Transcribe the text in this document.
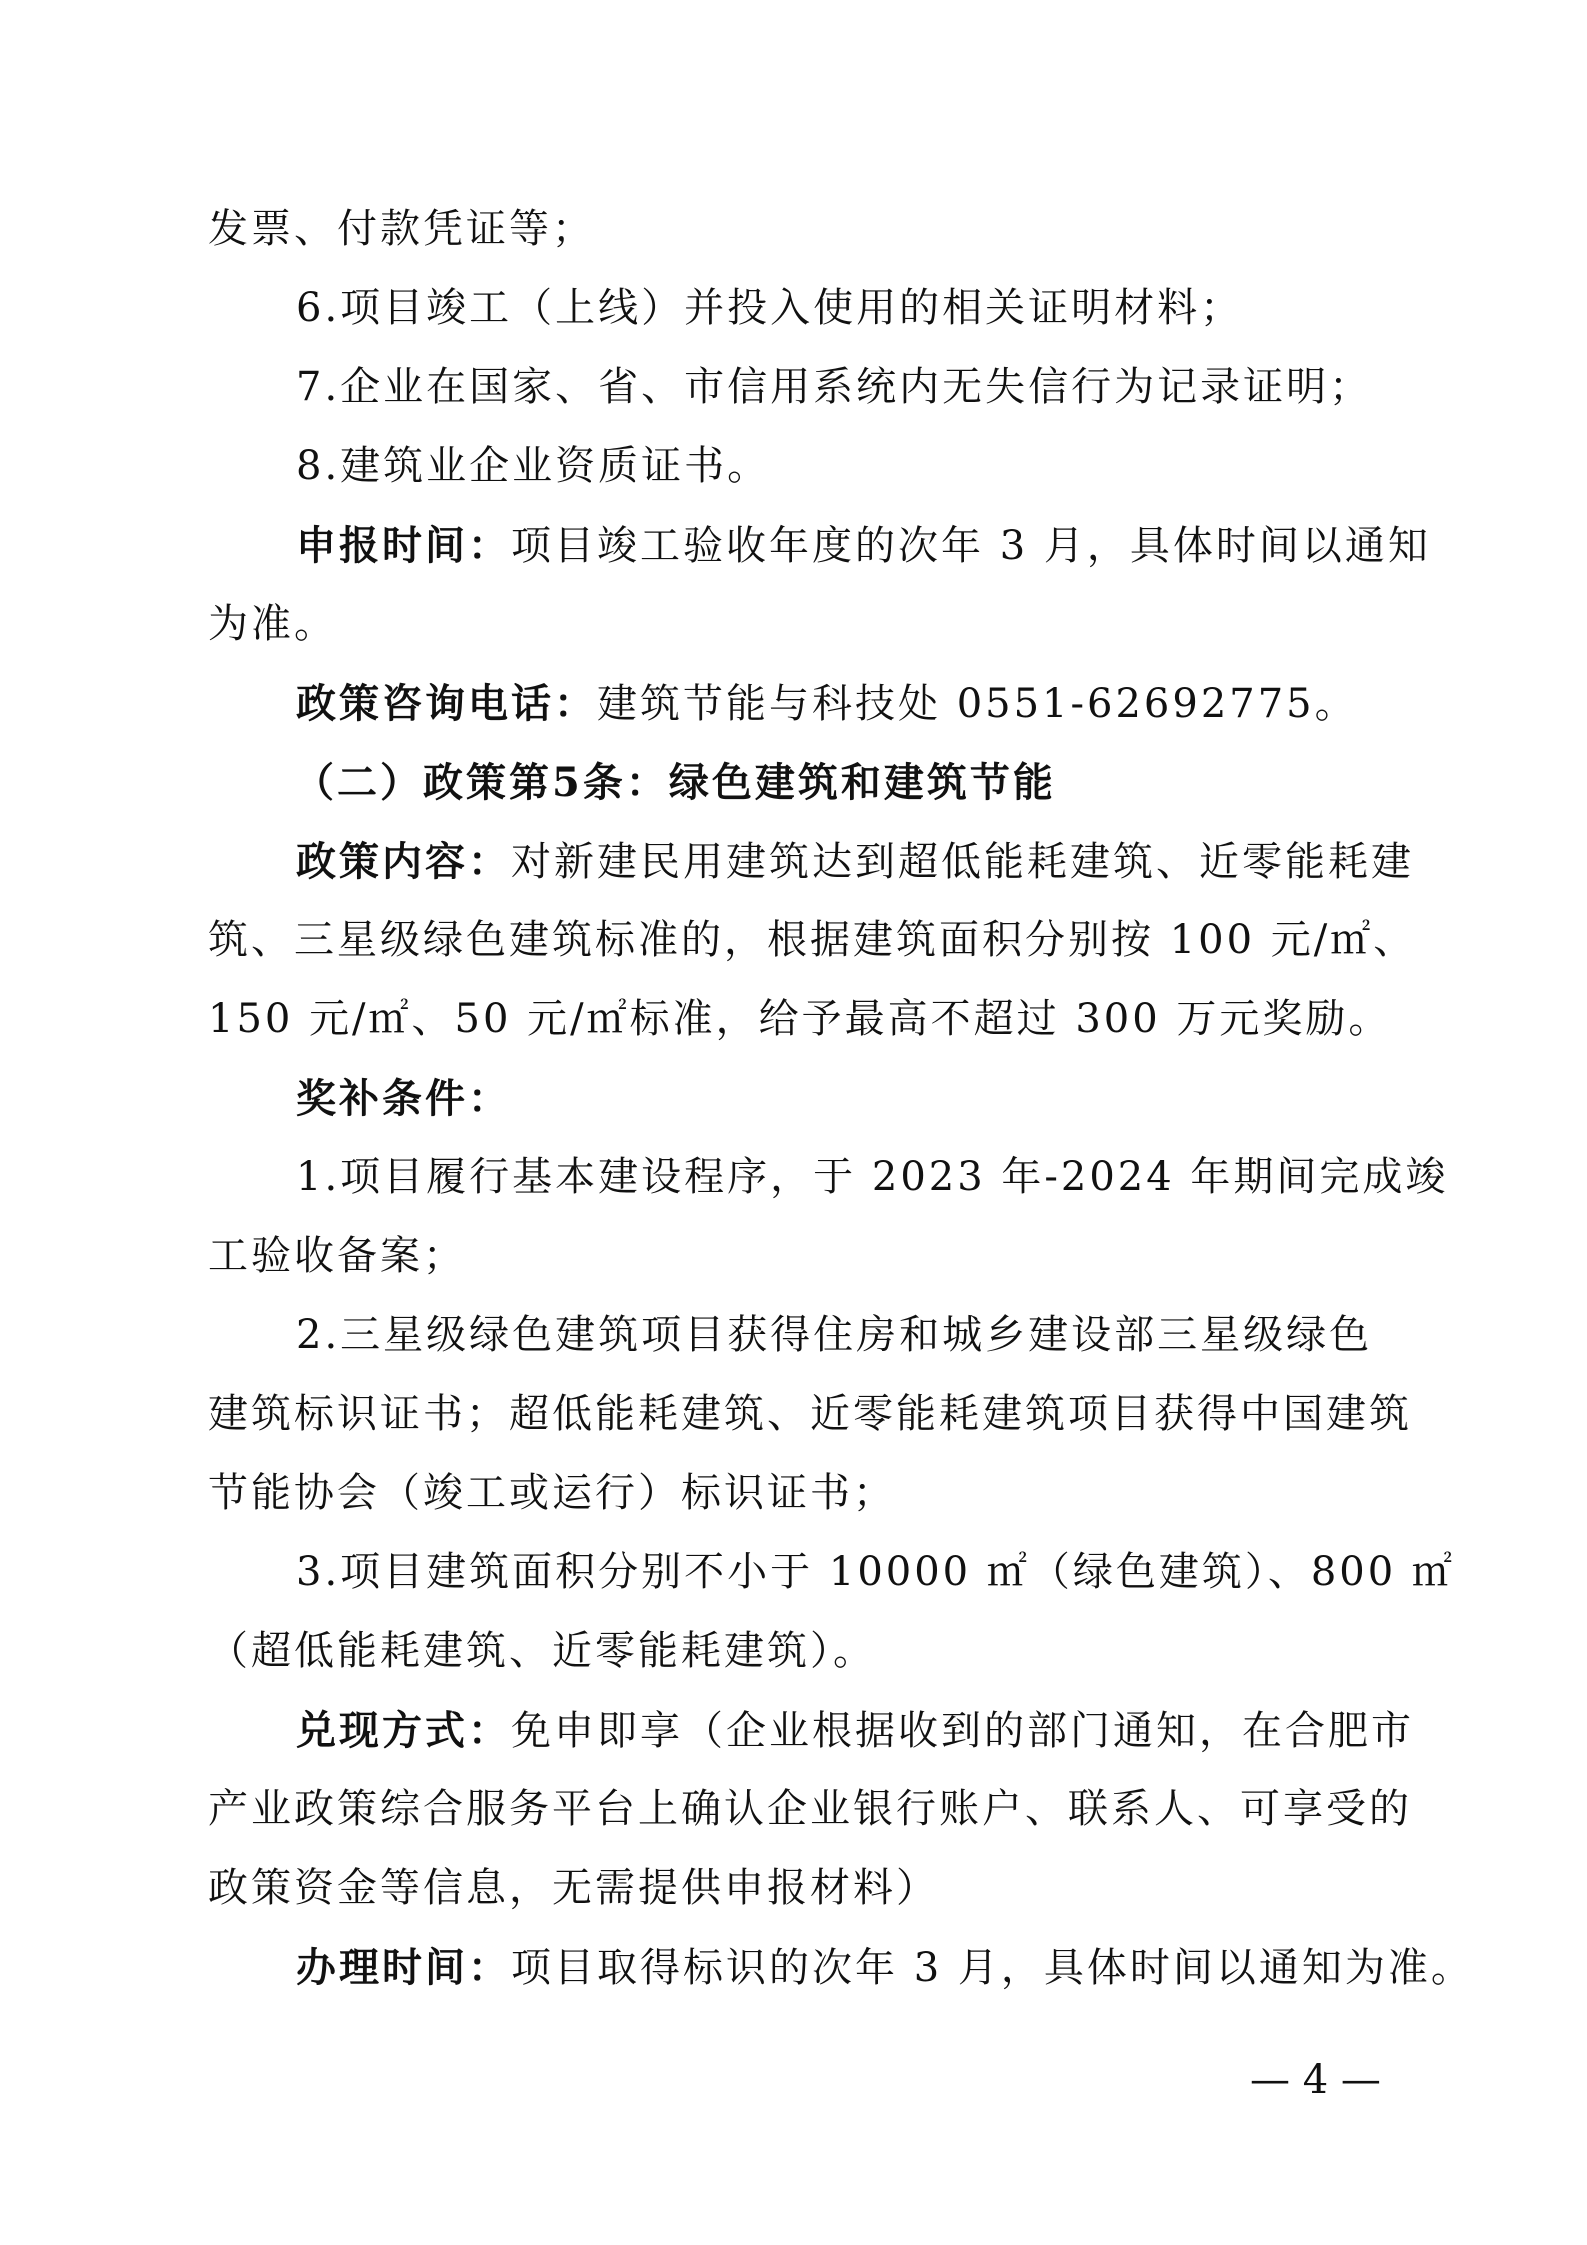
发票、付款凭证等；
6.项目竣工（上线）并投入使用的相关证明材料；
7.企业在国家、省、市信用系统内无失信行为记录证明；
8.建筑业企业资质证书。
申报时间：项目竣工验收年度的次年 3 月，具体时间以通知
为准。
政策咨询电话：建筑节能与科技处 0551-62692775。
（二）政策第5条：绿色建筑和建筑节能
政策内容：对新建民用建筑达到超低能耗建筑、近零能耗建
筑、三星级绿色建筑标准的，根据建筑面积分别按 100 元/㎡、
150 元/㎡、50 元/㎡标准，给予最高不超过 300 万元奖励。
奖补条件：
1.项目履行基本建设程序，于 2023 年-2024 年期间完成竣
工验收备案；
2.三星级绿色建筑项目获得住房和城乡建设部三星级绿色
建筑标识证书；超低能耗建筑、近零能耗建筑项目获得中国建筑
节能协会（竣工或运行）标识证书；
3.项目建筑面积分别不小于 10000 ㎡（绿色建筑）、800 ㎡
（超低能耗建筑、近零能耗建筑）。
兑现方式：免申即享（企业根据收到的部门通知，在合肥市
产业政策综合服务平台上确认企业银行账户、联系人、可享受的
政策资金等信息，无需提供申报材料）
办理时间：项目取得标识的次年 3 月，具体时间以通知为准。
— 4 —
